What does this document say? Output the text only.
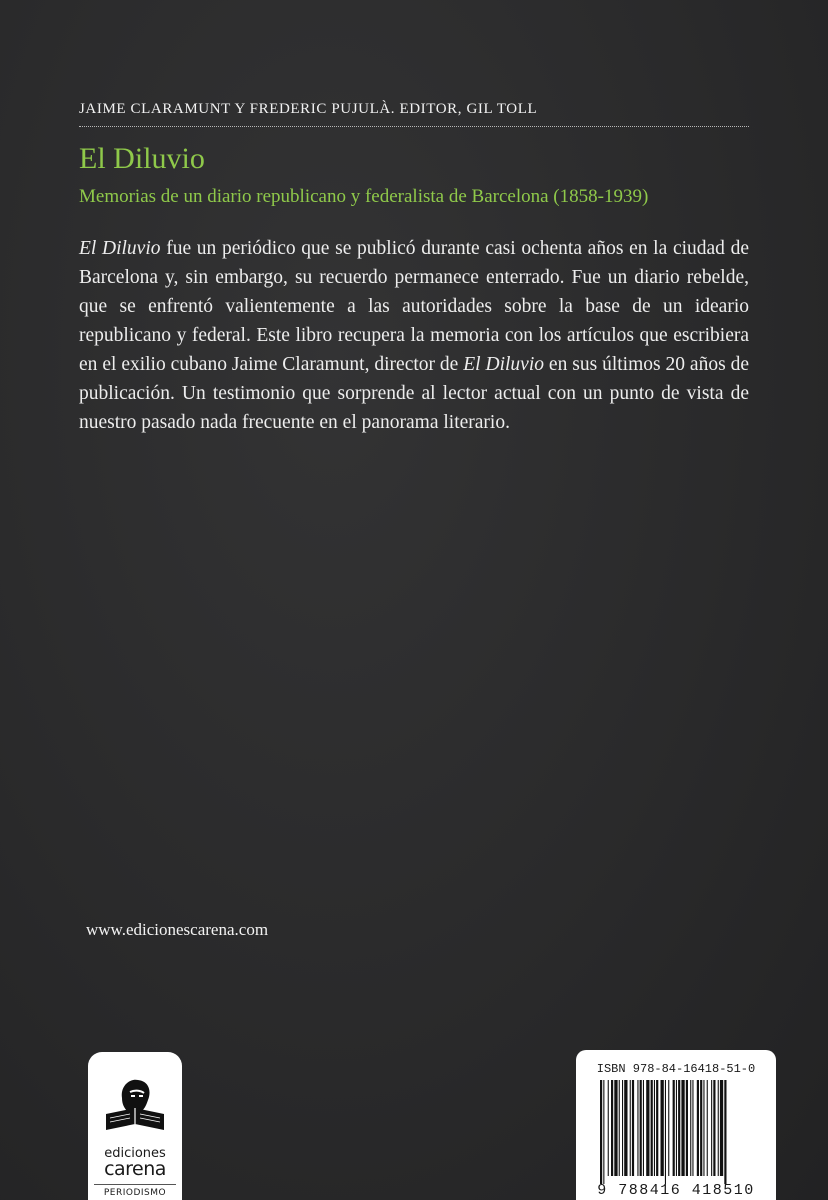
JAIME CLARAMUNT Y FREDERIC PUJULÀ. EDITOR, GIL TOLL
El Diluvio
Memorias de un diario republicano y federalista de Barcelona (1858-1939)

El Diluvio fue un periódico que se publicó durante casi ochenta años en la ciudad de Barcelona y, sin embargo, su recuerdo permanece enterrado. Fue un diario rebelde, que se enfrentó valientemente a las autoridades sobre la base de un ideario republicano y federal. Este libro recupera la memoria con los artículos que escribiera en el exilio cubano Jaime Claramunt, director de El Diluvio en sus últimos 20 años de publicación. Un testimonio que sorprende al lector actual con un punto de vista de nuestro pasado nada frecuente en el panorama literario.

www.edicionescarena.com
ediciones
carena
PERIODISMO
ISBN 978-84-16418-51-0
9 788416 418510
